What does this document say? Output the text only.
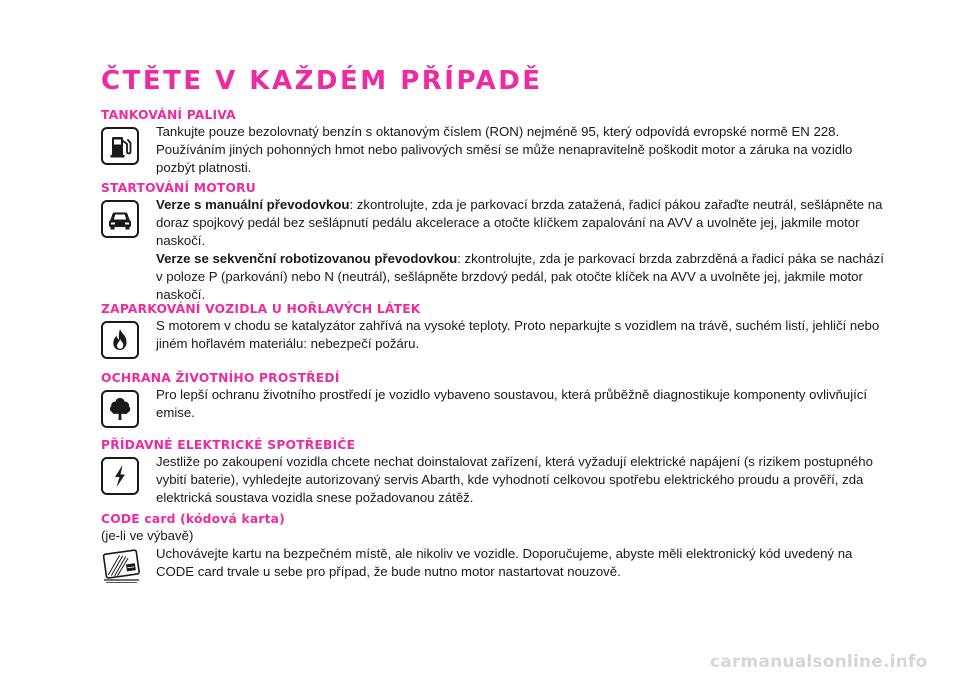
ČTĚTE V KAŽDÉM PŘÍPADĚ
TANKOVÁNÍ PALIVA

Tankujte pouze bezolovnatý benzín s oktanovým číslem (RON) nejméně 95, který odpovídá evropské normě EN 228. Používáním jiných pohonných hmot nebo palivových směsí se může nenapravitelně poškodit motor a záruka na vozidlo pozbýt platnosti.

STARTOVÁNÍ MOTORU

Verze s manuální převodovkou: zkontrolujte, zda je parkovací brzda zatažená, řadicí pákou zařaďte neutrál, sešlápněte na doraz spojkový pedál bez sešlápnutí pedálu akcelerace a otočte klíčkem zapalování na AVV a uvolněte jej, jakmile motor naskočí.

Verze se sekvenční robotizovanou převodovkou: zkontrolujte, zda je parkovací brzda zabrzděná a řadicí páka se nachází v poloze P (parkování) nebo N (neutrál), sešlápněte brzdový pedál, pak otočte klíček na AVV a uvolněte jej, jakmile motor naskočí.

ZAPARKOVÁNÍ VOZIDLA U HOŘLAVÝCH LÁTEK

S motorem v chodu se katalyzátor zahřívá na vysoké teploty. Proto neparkujte s vozidlem na trávě, suchém listí, jehličí nebo jiném hořlavém materiálu: nebezpečí požáru.

OCHRANA ŽIVOTNÍHO PROSTŘEDÍ

Pro lepší ochranu životního prostředí je vozidlo vybaveno soustavou, která průběžně diagnostikuje komponenty ovlivňující emise.

PŘÍDAVNÉ ELEKTRICKÉ SPOTŘEBIČE

Jestliže po zakoupení vozidla chcete nechat doinstalovat zařízení, která vyžadují elektrické napájení (s rizikem postupného vybití baterie), vyhledejte autorizovaný servis Abarth, kde vyhodnotí celkovou spotřebu elektrického proudu a prověří, zda elektrická soustava vozidla snese požadovanou zátěž.

CODE card (kódová karta)
(je-li ve výbavě)

Uchovávejte kartu na bezpečném místě, ale nikoliv ve vozidle. Doporučujeme, abyste měli elektronický kód uvedený na CODE card trvale u sebe pro případ, že bude nutno motor nastartovat nouzově.

carmanualsonline.info
